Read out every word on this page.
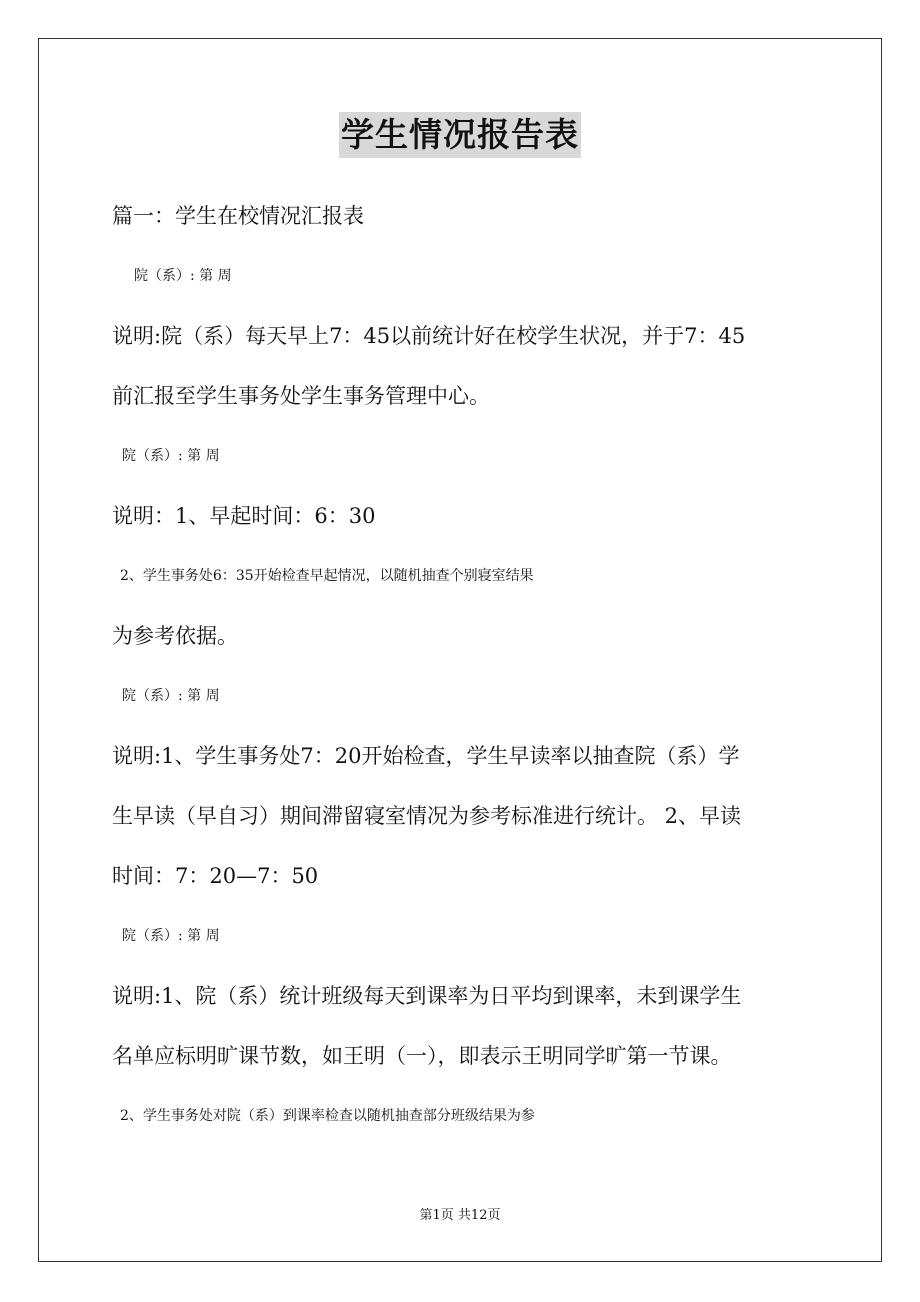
学生情况报告表
篇一：学生在校情况汇报表
院（系）: 第 周
说明:院（系）每天早上7：45以前统计好在校学生状况，并于7：45
前汇报至学生事务处学生事务管理中心。
院（系）: 第 周
说明：1、早起时间：6：30
2、学生事务处6：35开始检查早起情况，以随机抽查个别寝室结果
为参考依据。
院（系）: 第 周
说明:1、学生事务处7：20开始检查，学生早读率以抽查院（系）学
生早读（早自习）期间滞留寝室情况为参考标准进行统计。 2、早读
时间：7：20—7：50
院（系）: 第 周
说明:1、院（系）统计班级每天到课率为日平均到课率，未到课学生
名单应标明旷课节数，如王明（一），即表示王明同学旷第一节课。
2、学生事务处对院（系）到课率检查以随机抽查部分班级结果为参
第1页 共12页
